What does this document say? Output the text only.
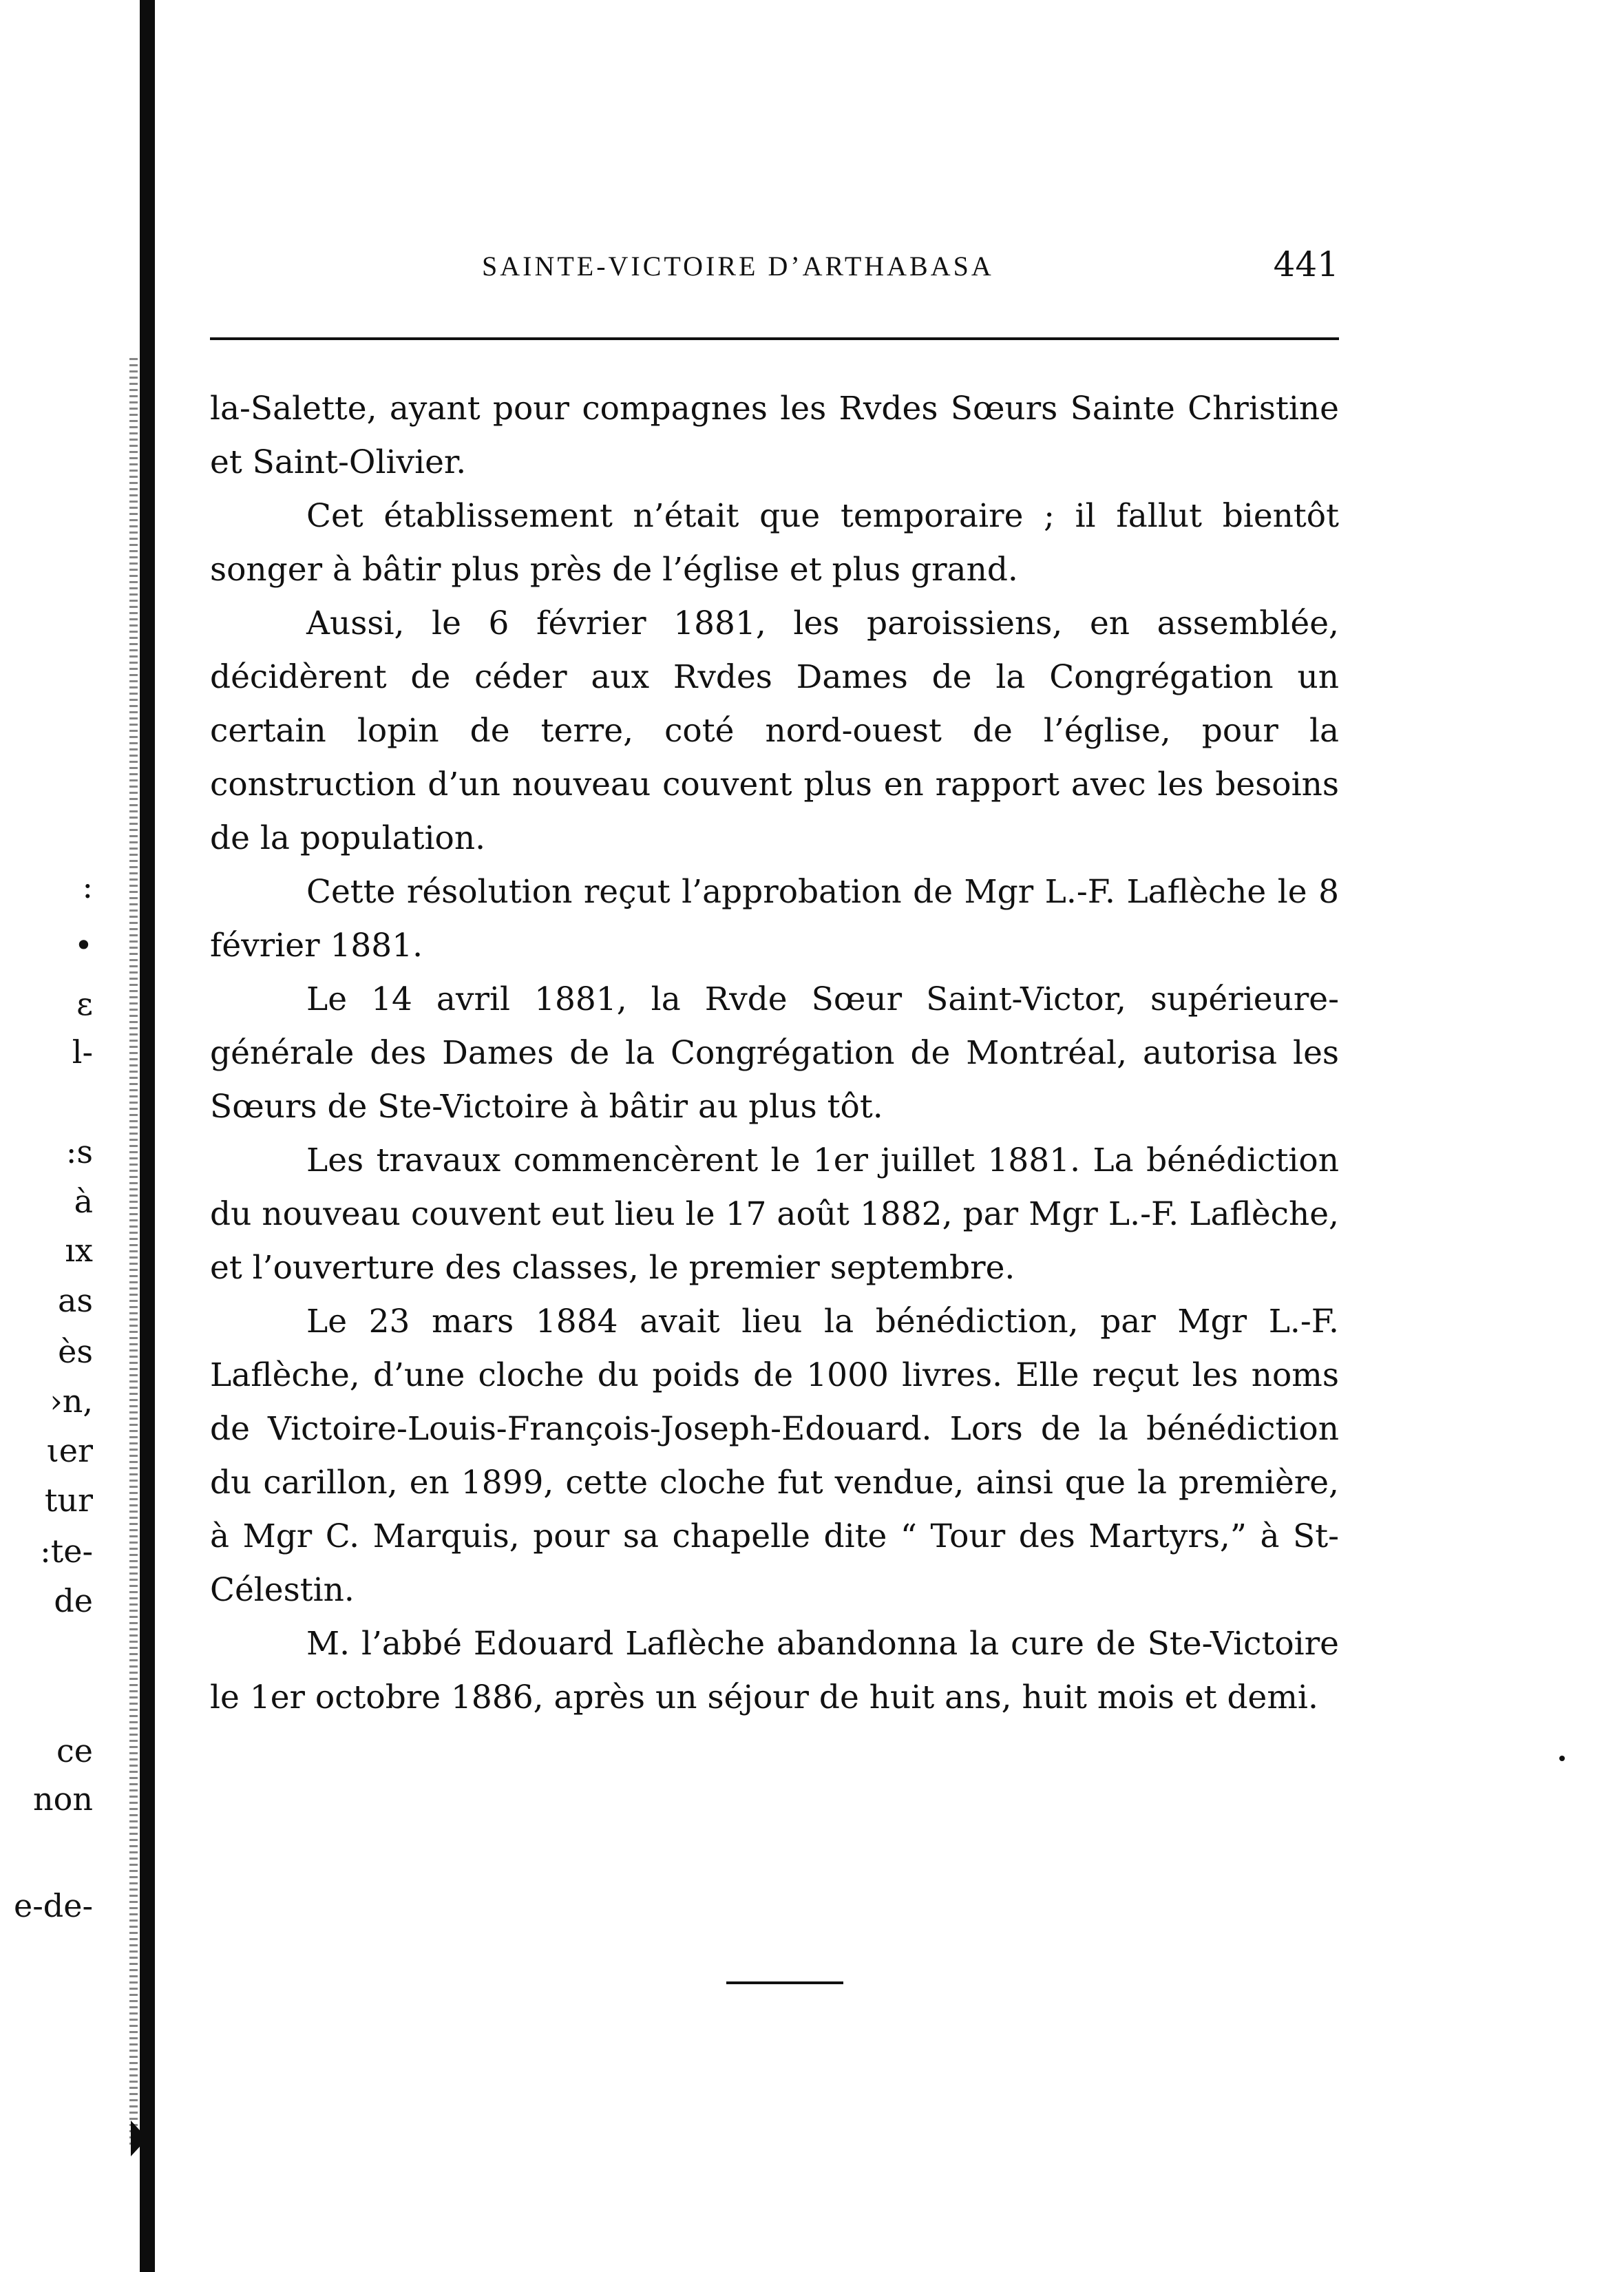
:
•
ε
l-
:s
à
ıx
as
ès
›n,
ιer
tur
:te-
de
ce
non
e-de-
SAINTE-VICTOIRE D’ARTHABASA	441

la-Salette, ayant pour compagnes les Rvdes Sœurs Sainte Christine et Saint-Olivier.

Cet établissement n’était que temporaire ; il fallut bientôt songer à bâtir plus près de l’église et plus grand.

Aussi, le 6 février 1881, les paroissiens, en assemblée, décidèrent de céder aux Rvdes Dames de la Congrégation un certain lopin de terre, coté nord-ouest de l’église, pour la construction d’un nouveau couvent plus en rapport avec les besoins de la population.

Cette résolution reçut l’approbation de Mgr L.-F. Laflèche le 8 février 1881.

Le 14 avril 1881, la Rvde Sœur Saint-Victor, supérieure-générale des Dames de la Congrégation de Montréal, autorisa les Sœurs de Ste-Victoire à bâtir au plus tôt.

Les travaux commencèrent le 1er juillet 1881. La bénédiction du nouveau couvent eut lieu le 17 août 1882, par Mgr L.-F. Laflèche, et l’ouverture des classes, le premier septembre.

Le 23 mars 1884 avait lieu la bénédiction, par Mgr L.-F. Laflèche, d’une cloche du poids de 1000 livres. Elle reçut les noms de Victoire-Louis-François-Joseph-Edouard. Lors de la bénédiction du carillon, en 1899, cette cloche fut vendue, ainsi que la première, à Mgr C. Marquis, pour sa chapelle dite “ Tour des Martyrs,” à St-Célestin.

M. l’abbé Edouard Laflèche abandonna la cure de Ste-Victoire le 1er octobre 1886, après un séjour de huit ans, huit mois et demi.
